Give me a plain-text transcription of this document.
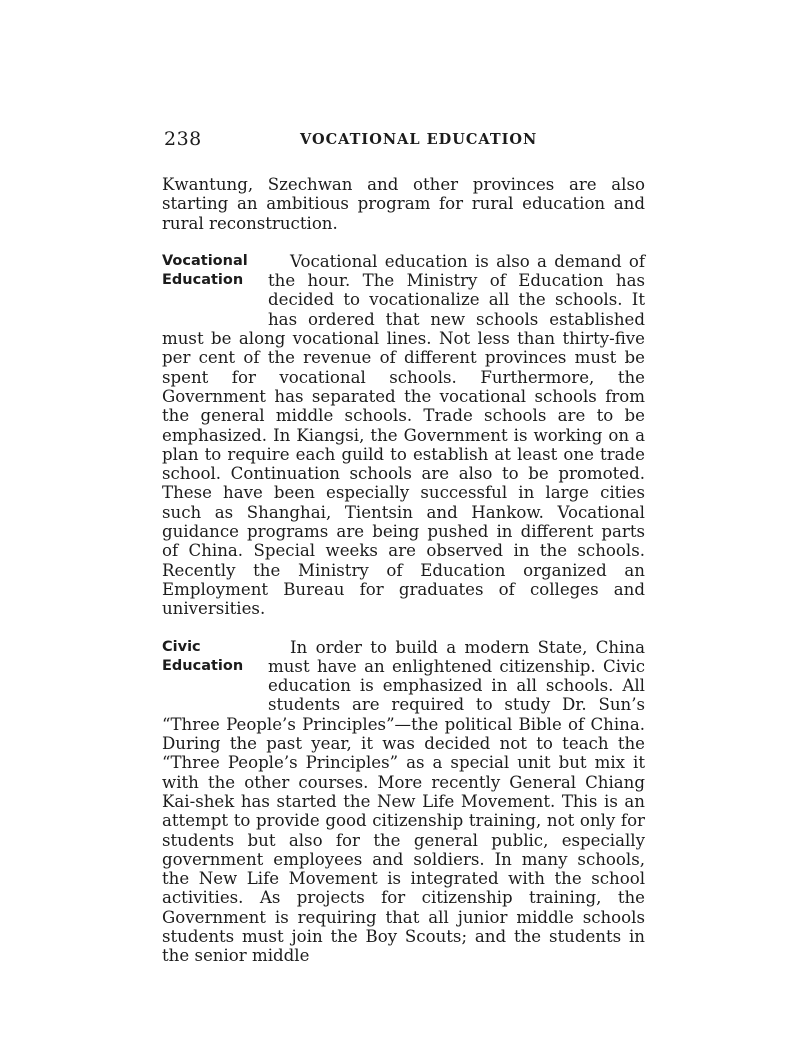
238	VOCATIONAL EDUCATION

Kwantung, Szechwan and other provinces are also starting an ambitious program for rural education and rural reconstruction.

Vocational
Education

Vocational education is also a demand of the hour. The Ministry of Education has decided to vocationalize all the schools. It has ordered that new schools established must be along vocational lines. Not less than thirty-five per cent of the revenue of different provinces must be spent for vocational schools. Furthermore, the Government has separated the vocational schools from the general middle schools. Trade schools are to be emphasized. In Kiangsi, the Government is working on a plan to require each guild to establish at least one trade school. Continuation schools are also to be promoted. These have been especially successful in large cities such as Shanghai, Tientsin and Hankow. Vocational guidance programs are being pushed in different parts of China. Special weeks are observed in the schools. Recently the Ministry of Education organized an Employment Bureau for graduates of colleges and universities.

Civic
Education

In order to build a modern State, China must have an enlightened citizenship. Civic education is emphasized in all schools. All students are required to study Dr. Sun’s “Three People’s Principles”—the political Bible of China. During the past year, it was decided not to teach the “Three People’s Principles” as a special unit but mix it with the other courses. More recently General Chiang Kai-shek has started the New Life Movement. This is an attempt to provide good citizenship training, not only for students but also for the general public, especially government employees and soldiers. In many schools, the New Life Movement is integrated with the school activities. As projects for citizenship training, the Government is requiring that all junior middle schools students must join the Boy Scouts; and the students in the senior middle
